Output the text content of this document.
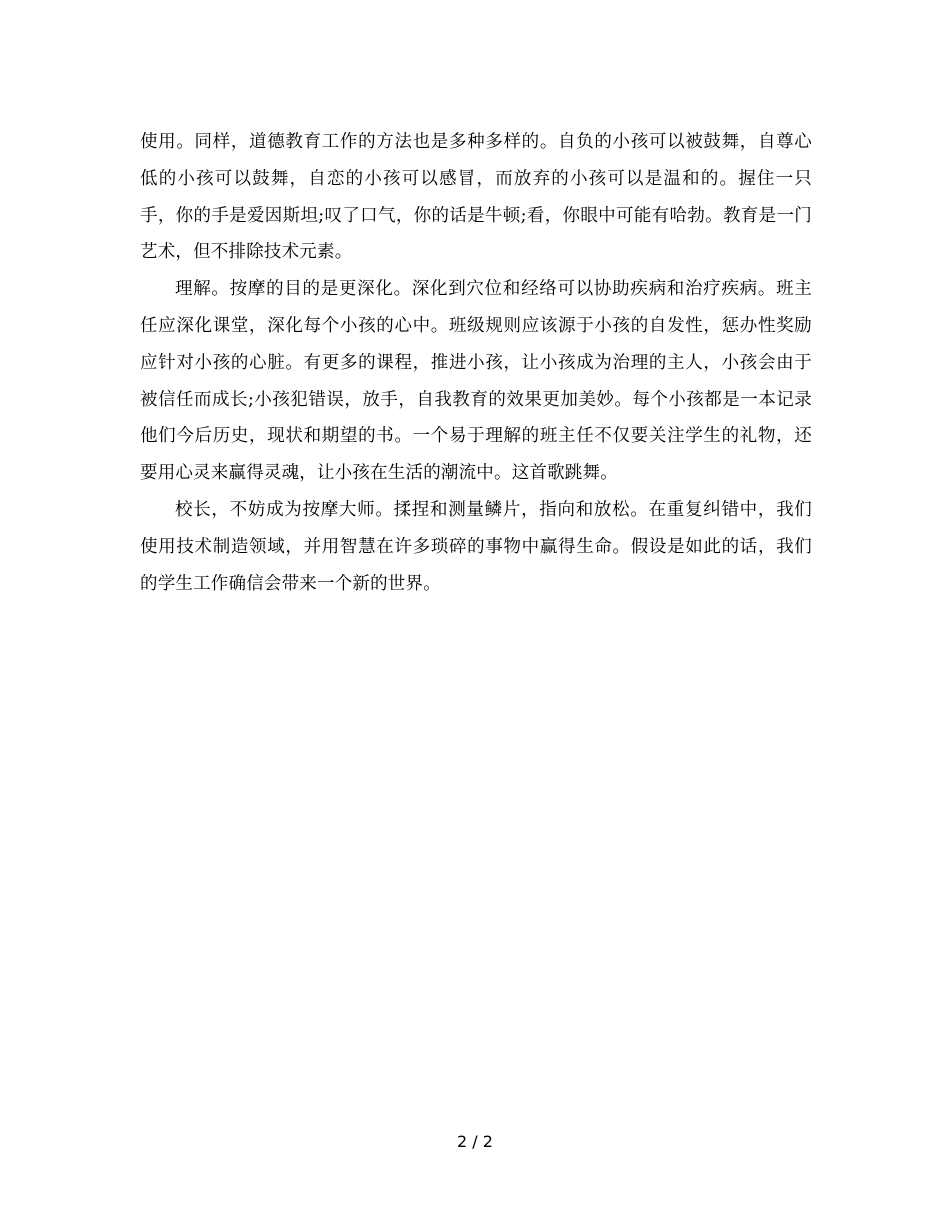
使用。同样，道德教育工作的方法也是多种多样的。自负的小孩可以被鼓舞，自尊心低的小孩可以鼓舞，自恋的小孩可以感冒，而放弃的小孩可以是温和的。握住一只手，你的手是爱因斯坦;叹了口气，你的话是牛顿;看，你眼中可能有哈勃。教育是一门艺术，但不排除技术元素。

理解。按摩的目的是更深化。深化到穴位和经络可以协助疾病和治疗疾病。班主任应深化课堂，深化每个小孩的心中。班级规则应该源于小孩的自发性，惩办性奖励应针对小孩的心脏。有更多的课程，推进小孩，让小孩成为治理的主人，小孩会由于被信任而成长;小孩犯错误，放手，自我教育的效果更加美妙。每个小孩都是一本记录他们今后历史，现状和期望的书。一个易于理解的班主任不仅要关注学生的礼物，还要用心灵来赢得灵魂，让小孩在生活的潮流中。这首歌跳舞。

校长，不妨成为按摩大师。揉捏和测量鳞片，指向和放松。在重复纠错中，我们使用技术制造领域，并用智慧在许多琐碎的事物中赢得生命。假设是如此的话，我们的学生工作确信会带来一个新的世界。

2 / 2
